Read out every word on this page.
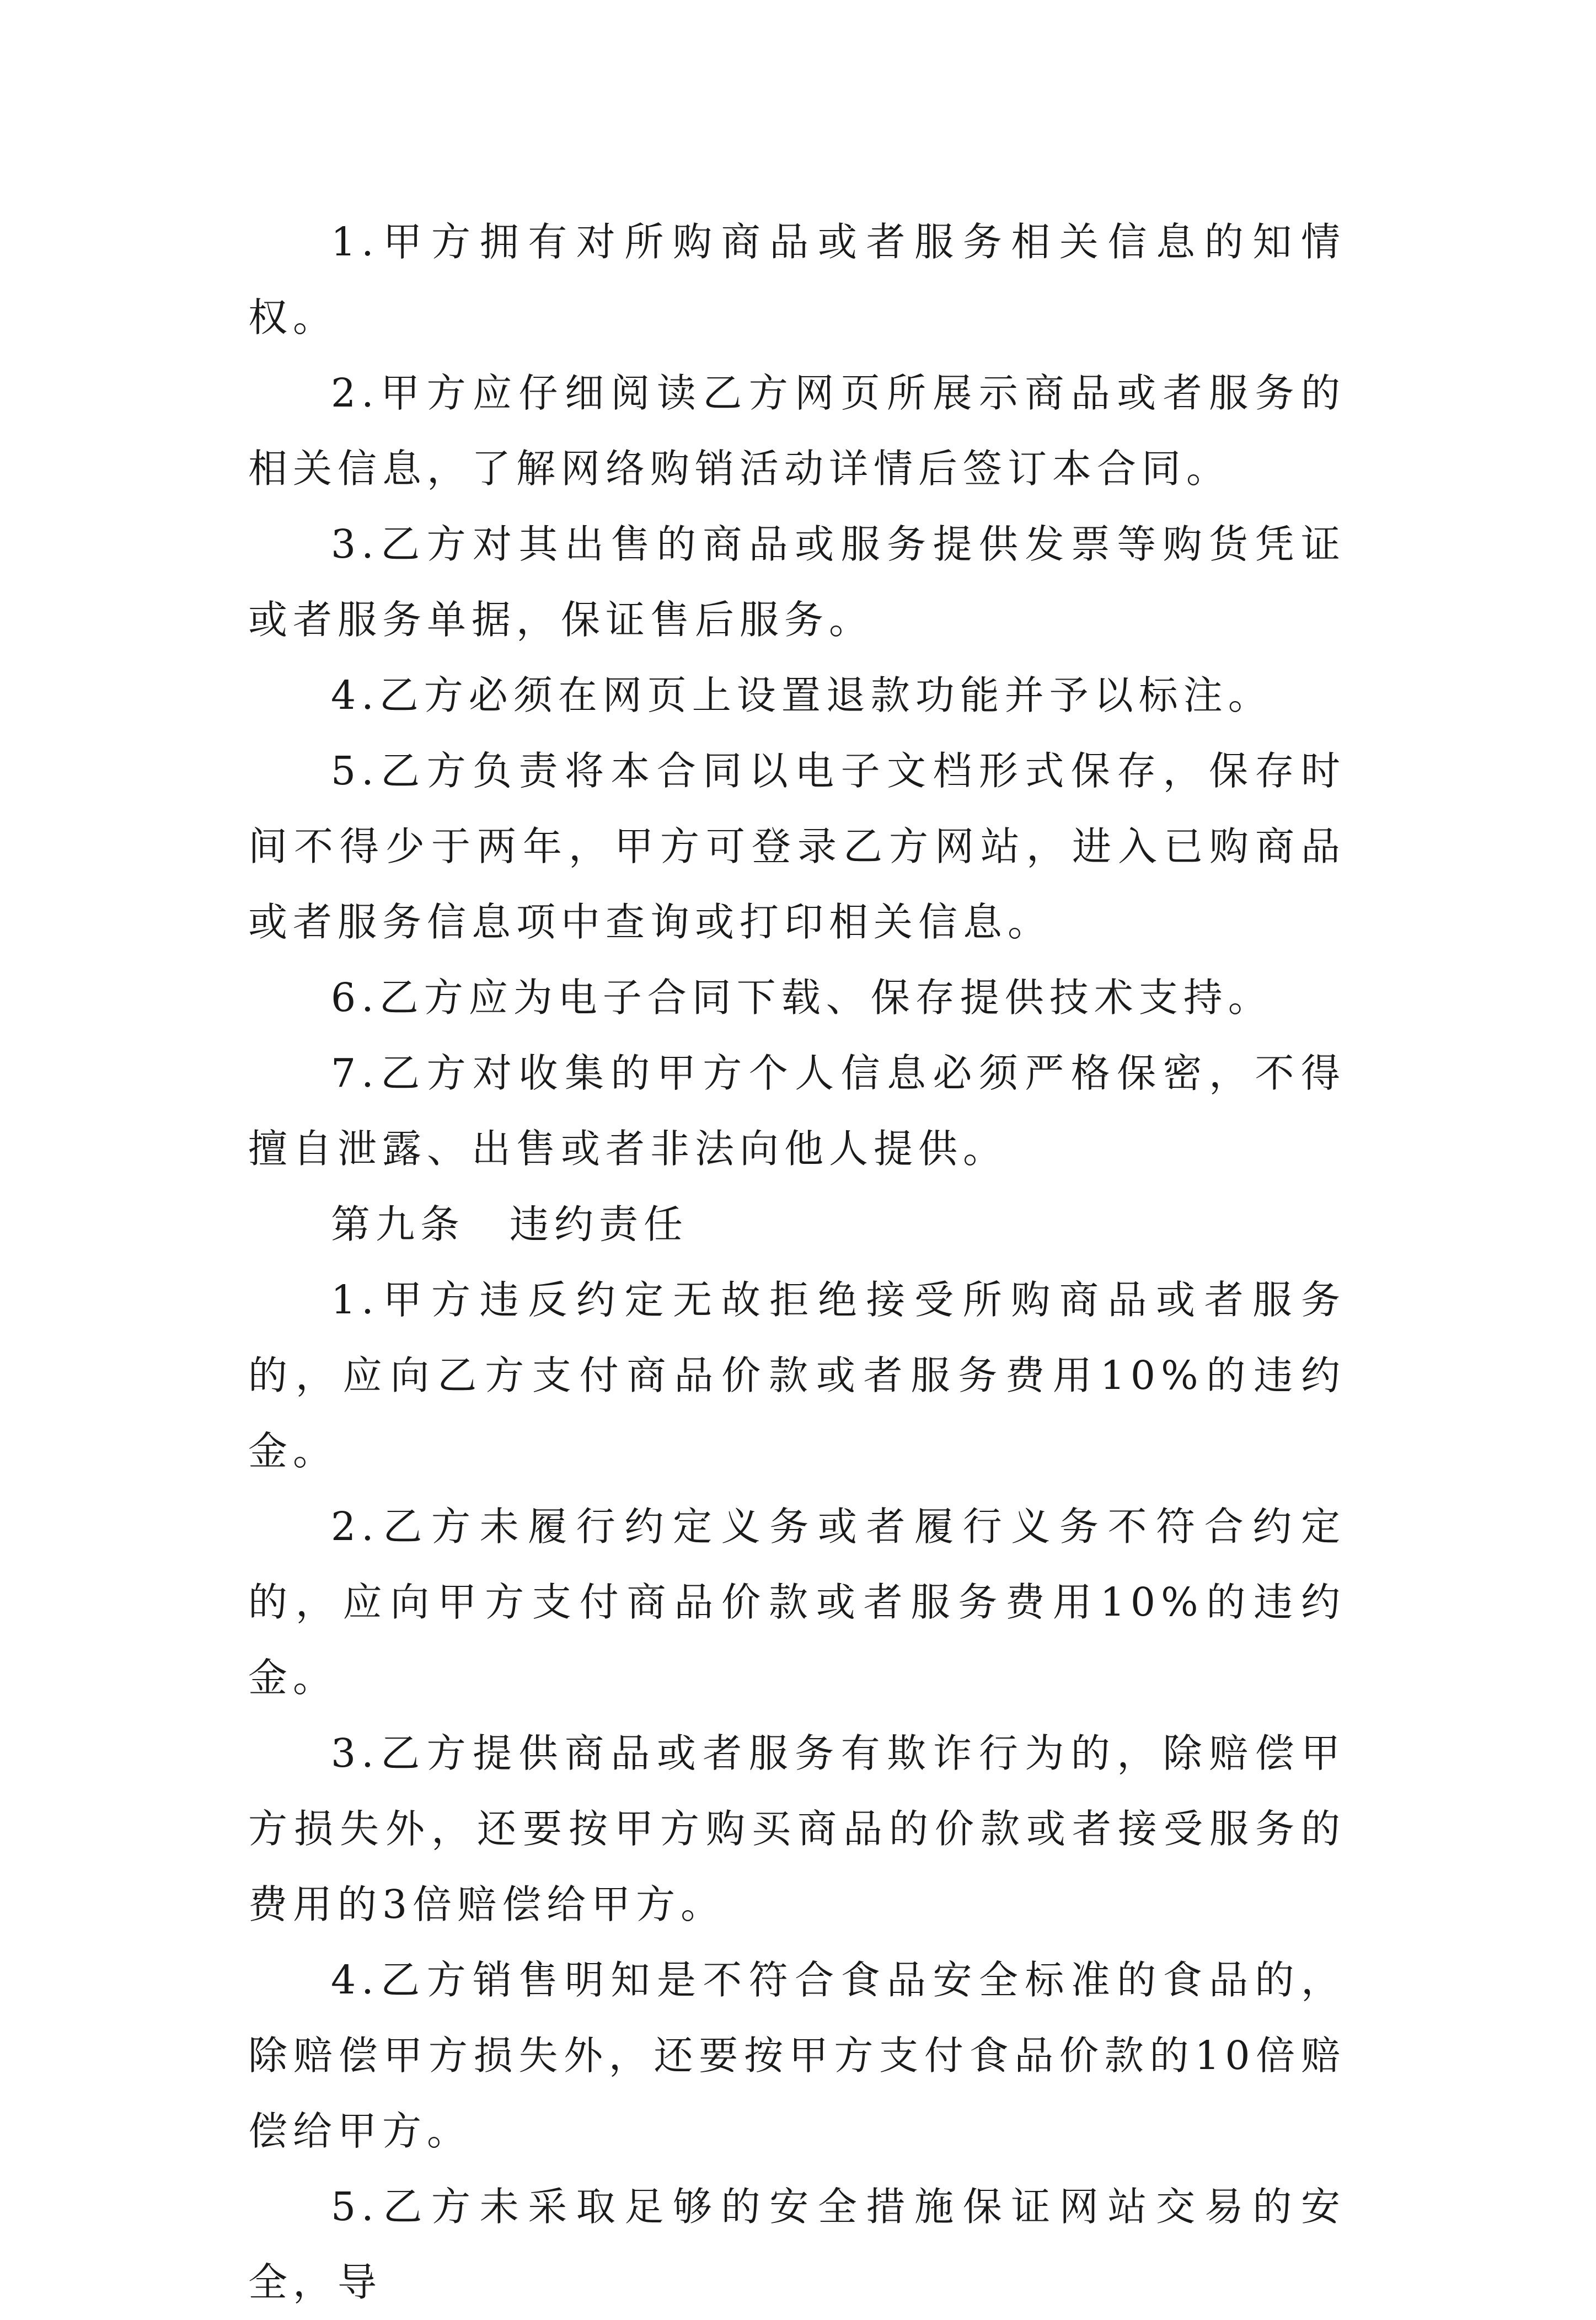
1.甲方拥有对所购商品或者服务相关信息的知情权。

2.甲方应仔细阅读乙方网页所展示商品或者服务的相关信息，了解网络购销活动详情后签订本合同。

3.乙方对其出售的商品或服务提供发票等购货凭证或者服务单据，保证售后服务。

4.乙方必须在网页上设置退款功能并予以标注。

5.乙方负责将本合同以电子文档形式保存，保存时间不得少于两年，甲方可登录乙方网站，进入已购商品或者服务信息项中查询或打印相关信息。

6.乙方应为电子合同下载、保存提供技术支持。

7.乙方对收集的甲方个人信息必须严格保密，不得擅自泄露、出售或者非法向他人提供。

第九条　违约责任

1.甲方违反约定无故拒绝接受所购商品或者服务的，应向乙方支付商品价款或者服务费用10%的违约金。

2.乙方未履行约定义务或者履行义务不符合约定的，应向甲方支付商品价款或者服务费用10%的违约金。

3.乙方提供商品或者服务有欺诈行为的，除赔偿甲方损失外，还要按甲方购买商品的价款或者接受服务的费用的3倍赔偿给甲方。

4.乙方销售明知是不符合食品安全标准的食品的，除赔偿甲方损失外，还要按甲方支付食品价款的10倍赔偿给甲方。

5.乙方未采取足够的安全措施保证网站交易的安全，导
